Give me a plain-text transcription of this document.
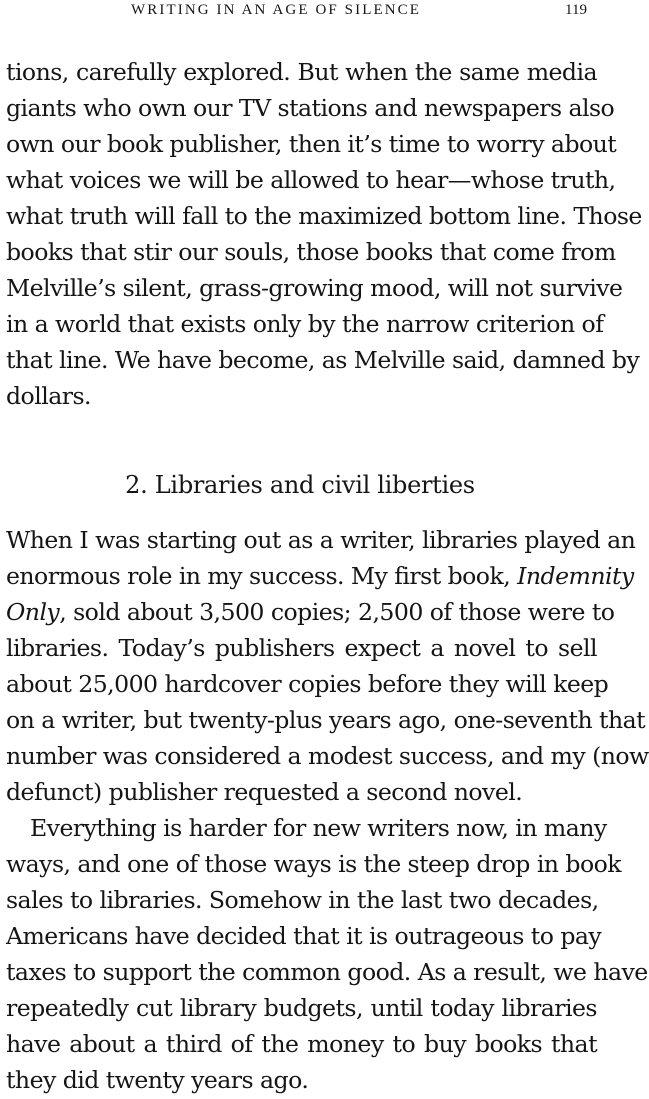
WRITING IN AN AGE OF SILENCE	119
tions, carefully explored. But when the same media
giants who own our TV stations and newspapers also
own our book publisher, then it’s time to worry about
what voices we will be allowed to hear—whose truth,
what truth will fall to the maximized bottom line. Those
books that stir our souls, those books that come from
Melville’s silent, grass-growing mood, will not survive
in a world that exists only by the narrow criterion of
that line. We have become, as Melville said, damned by
dollars.
2. Libraries and civil liberties
When I was starting out as a writer, libraries played an
enormous role in my success. My first book, Indemnity
Only, sold about 3,500 copies; 2,500 of those were to
libraries. Today’s publishers expect a novel to sell
about 25,000 hardcover copies before they will keep
on a writer, but twenty-plus years ago, one-seventh that
number was considered a modest success, and my (now
defunct) publisher requested a second novel.
Everything is harder for new writers now, in many
ways, and one of those ways is the steep drop in book
sales to libraries. Somehow in the last two decades,
Americans have decided that it is outrageous to pay
taxes to support the common good. As a result, we have
repeatedly cut library budgets, until today libraries
have about a third of the money to buy books that
they did twenty years ago.
